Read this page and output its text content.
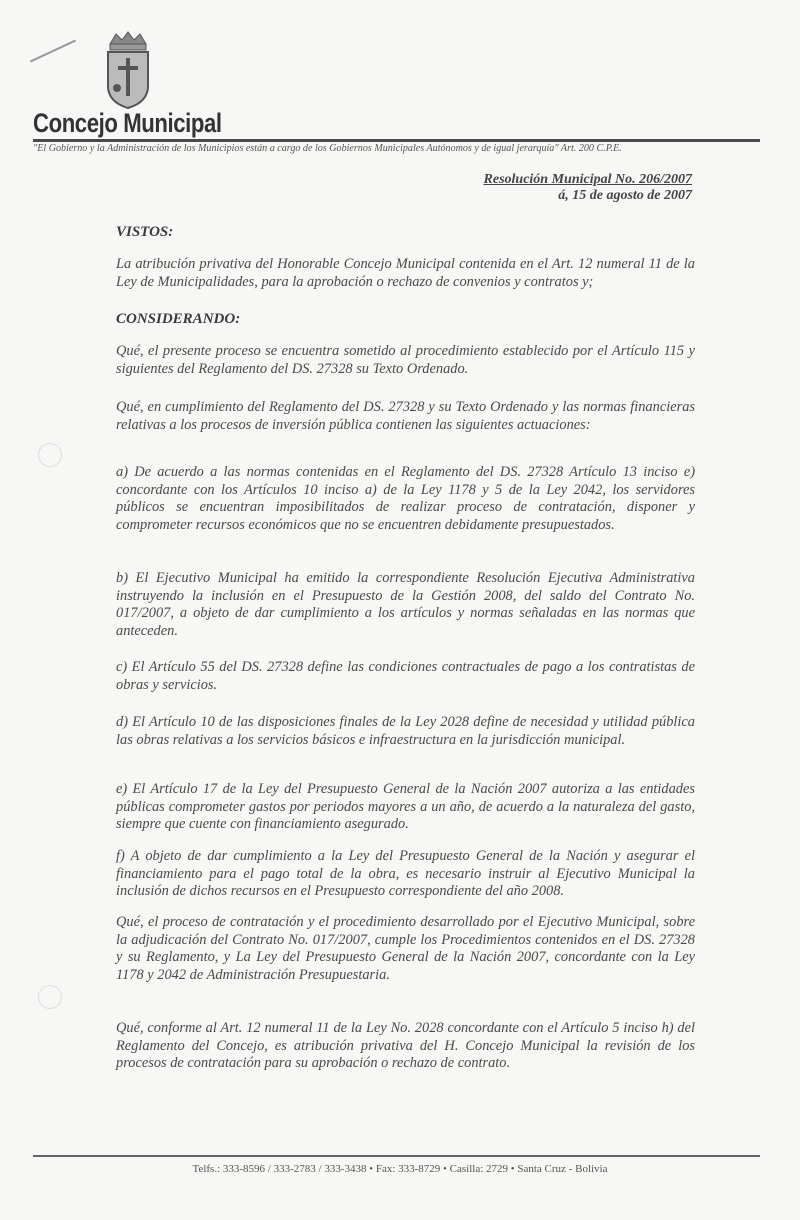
Concejo Municipal
"El Gobierno y la Administración de los Municipios están a cargo de los Gobiernos Municipales Autónomos y de igual jerarquía" Art. 200 C.P.E.
Resolución Municipal No. 206/2007
á, 15 de agosto de 2007
VISTOS:
La atribución privativa del Honorable Concejo Municipal contenida en el Art. 12 numeral 11 de la Ley de Municipalidades, para la aprobación o rechazo de convenios y contratos y;
CONSIDERANDO:
Qué, el presente proceso se encuentra sometido al procedimiento establecido por el Artículo 115 y siguientes del Reglamento del DS. 27328 su Texto Ordenado.
Qué, en cumplimiento del Reglamento del DS. 27328 y su Texto Ordenado y las normas financieras relativas a los procesos de inversión pública contienen las siguientes actuaciones:
a) De acuerdo a las normas contenidas en el Reglamento del DS. 27328 Artículo 13 inciso e) concordante con los Artículos 10 inciso a) de la Ley 1178 y 5 de la Ley 2042, los servidores públicos se encuentran imposibilitados de realizar proceso de contratación, disponer y comprometer recursos económicos que no se encuentren debidamente presupuestados.
b) El Ejecutivo Municipal ha emitido la correspondiente Resolución Ejecutiva Administrativa instruyendo la inclusión en el Presupuesto de la Gestión 2008, del saldo del Contrato No. 017/2007, a objeto de dar cumplimiento a los artículos y normas señaladas en las normas que anteceden.
c) El Artículo 55 del DS. 27328 define las condiciones contractuales de pago a los contratistas de obras y servicios.
d) El Artículo 10 de las disposiciones finales de la Ley 2028 define de necesidad y utilidad pública las obras relativas a los servicios básicos e infraestructura en la jurisdicción municipal.
e) El Artículo 17 de la Ley del Presupuesto General de la Nación 2007 autoriza a las entidades públicas comprometer gastos por periodos mayores a un año, de acuerdo a la naturaleza del gasto, siempre que cuente con financiamiento asegurado.
f) A objeto de dar cumplimiento a la Ley del Presupuesto General de la Nación y asegurar el financiamiento para el pago total de la obra, es necesario instruir al Ejecutivo Municipal la inclusión de dichos recursos en el Presupuesto correspondiente del año 2008.
Qué, el proceso de contratación y el procedimiento desarrollado por el Ejecutivo Municipal, sobre la adjudicación del Contrato No. 017/2007, cumple los Procedimientos contenidos en el DS. 27328 y su Reglamento, y La Ley del Presupuesto General de la Nación 2007, concordante con la Ley 1178 y 2042 de Administración Presupuestaria.
Qué, conforme al Art. 12 numeral 11 de la Ley No. 2028 concordante con el Artículo 5 inciso h) del Reglamento del Concejo, es atribución privativa del H. Concejo Municipal la revisión de los procesos de contratación para su aprobación o rechazo de contrato.
Telfs.: 333-8596 / 333-2783 / 333-3438 • Fax: 333-8729 • Casilla: 2729 • Santa Cruz - Bolivia
